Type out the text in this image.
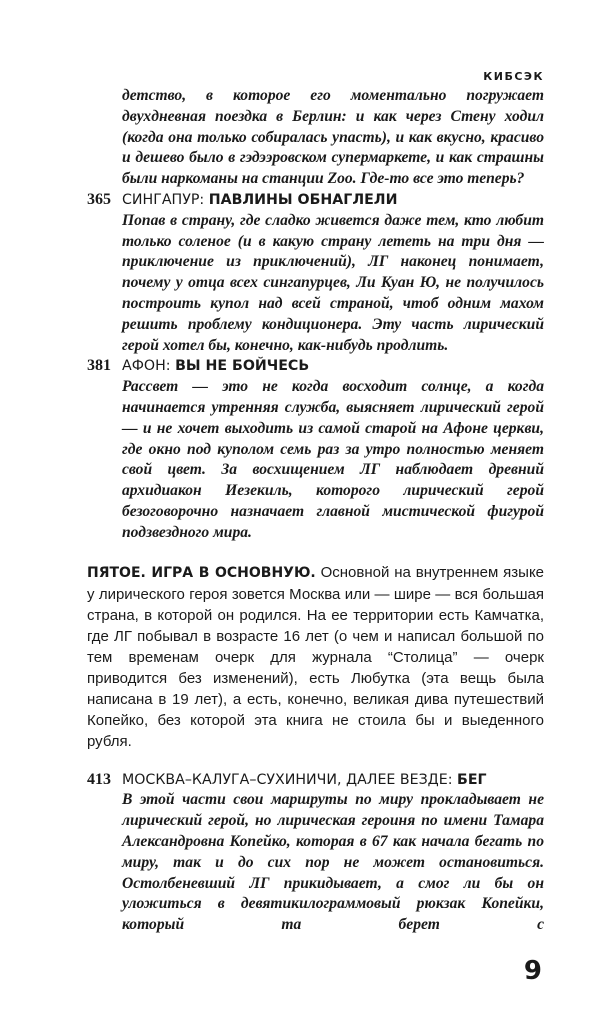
КИБСЭК

детство, в которое его моментально погружает двухдневная поездка в Берлин: и как через Стену ходил (когда она только собиралась упасть), и как вкусно, красиво и дешево было в гэдээровском супермаркете, и как страшны были наркоманы на станции Zoo. Где-то все это теперь?

365 СИНГАПУР: ПАВЛИНЫ ОБНАГЛЕЛИ

Попав в страну, где сладко живется даже тем, кто любит только соленое (и в какую страну лететь на три дня — приключение из приключений), ЛГ наконец понимает, почему у отца всех сингапурцев, Ли Куан Ю, не получилось построить купол над всей страной, чтоб одним махом решить проблему кондиционера. Эту часть лирический герой хотел бы, конечно, как-нибудь продлить.

381 АФОН: ВЫ НЕ БОЙЧЕСЬ

Рассвет — это не когда восходит солнце, а когда начинается утренняя служба, выясняет лирический герой — и не хочет выходить из самой старой на Афоне церкви, где окно под куполом семь раз за утро полностью меняет свой цвет. За восхищением ЛГ наблюдает древний архидиакон Иезекиль, которого лирический герой безоговорочно назначает главной мистической фигурой подзвездного мира.

ПЯТОЕ. ИГРА В ОСНОВНУЮ. Основной на внутреннем языке у лирического героя зовется Москва или — шире — вся большая страна, в которой он родился. На ее территории есть Камчатка, где ЛГ побывал в возрасте 16 лет (о чем и написал большой по тем временам очерк для журнала “Столица” — очерк приводится без изменений), есть Любутка (эта вещь была написана в 19 лет), а есть, конечно, великая дива путешествий Копейко, без которой эта книга не стоила бы и выеденного рубля.

413 МОСКВА–КАЛУГА–СУХИНИЧИ, ДАЛЕЕ ВЕЗДЕ: БЕГ

В этой части свои маршруты по миру прокладывает не лирический герой, но лирическая героиня по имени Тамара Александровна Копейко, которая в 67 как начала бегать по миру, так и до сих пор не может остановиться. Остолбеневший ЛГ прикидывает, а смог ли бы он уложиться в девятикилограммовый рюкзак Копейки, который та берет с

9
